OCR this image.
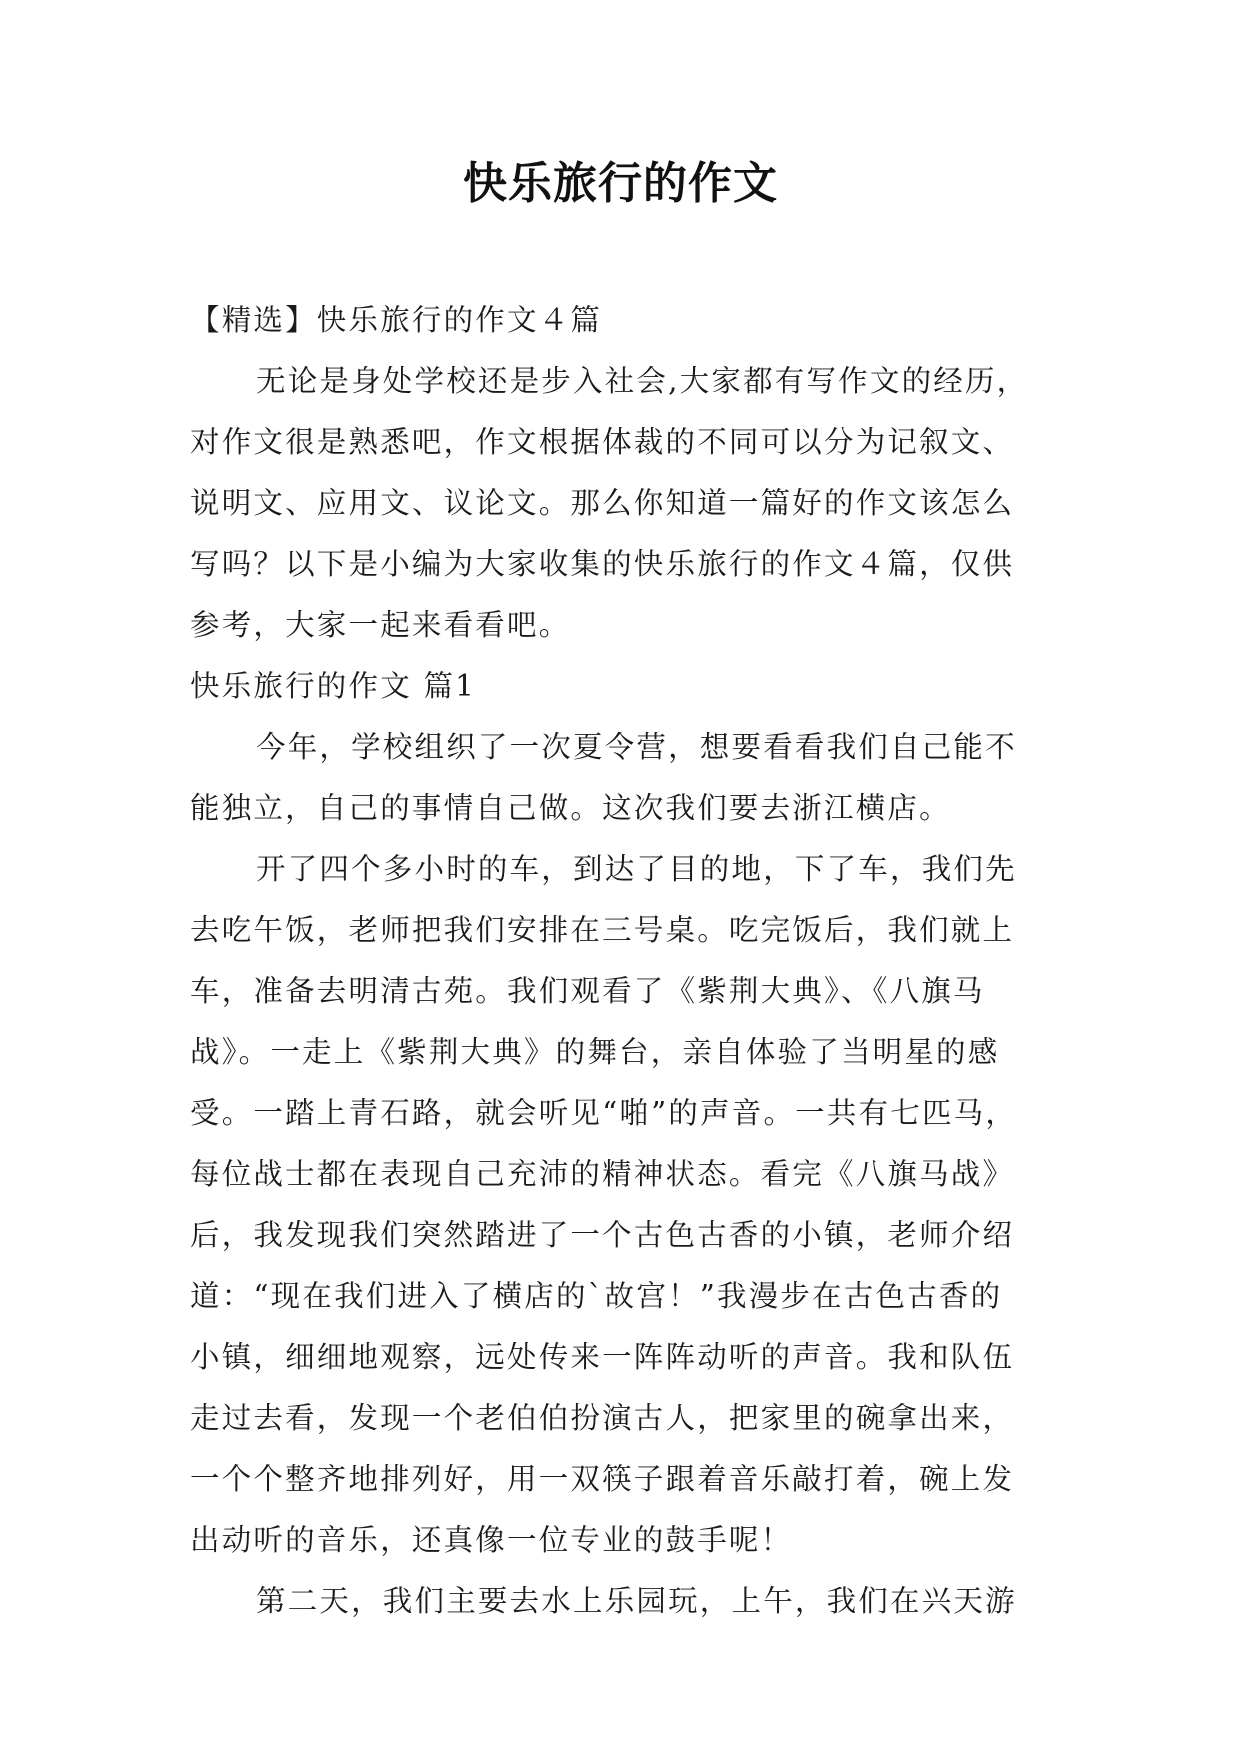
快乐旅行的作文
【精选】快乐旅行的作文４篇
无论是身处学校还是步入社会,大家都有写作文的经历，
对作文很是熟悉吧，作文根据体裁的不同可以分为记叙文、
说明文、应用文、议论文。那么你知道一篇好的作文该怎么
写吗？以下是小编为大家收集的快乐旅行的作文４篇，仅供
参考，大家一起来看看吧。
快乐旅行的作文 篇1
今年，学校组织了一次夏令营，想要看看我们自己能不
能独立，自己的事情自己做。这次我们要去浙江横店。
开了四个多小时的车，到达了目的地，下了车，我们先
去吃午饭，老师把我们安排在三号桌。吃完饭后，我们就上
车，准备去明清古苑。我们观看了《紫荆大典》、《八旗马
战》。一走上《紫荆大典》的舞台，亲自体验了当明星的感
受。一踏上青石路，就会听见“啪”的声音。一共有七匹马，
每位战士都在表现自己充沛的精神状态。看完《八旗马战》
后，我发现我们突然踏进了一个古色古香的小镇，老师介绍
道：“现在我们进入了横店的`故宫！”我漫步在古色古香的
小镇，细细地观察，远处传来一阵阵动听的声音。我和队伍
走过去看，发现一个老伯伯扮演古人，把家里的碗拿出来，
一个个整齐地排列好，用一双筷子跟着音乐敲打着，碗上发
出动听的音乐，还真像一位专业的鼓手呢！
第二天，我们主要去水上乐园玩，上午，我们在兴天游
